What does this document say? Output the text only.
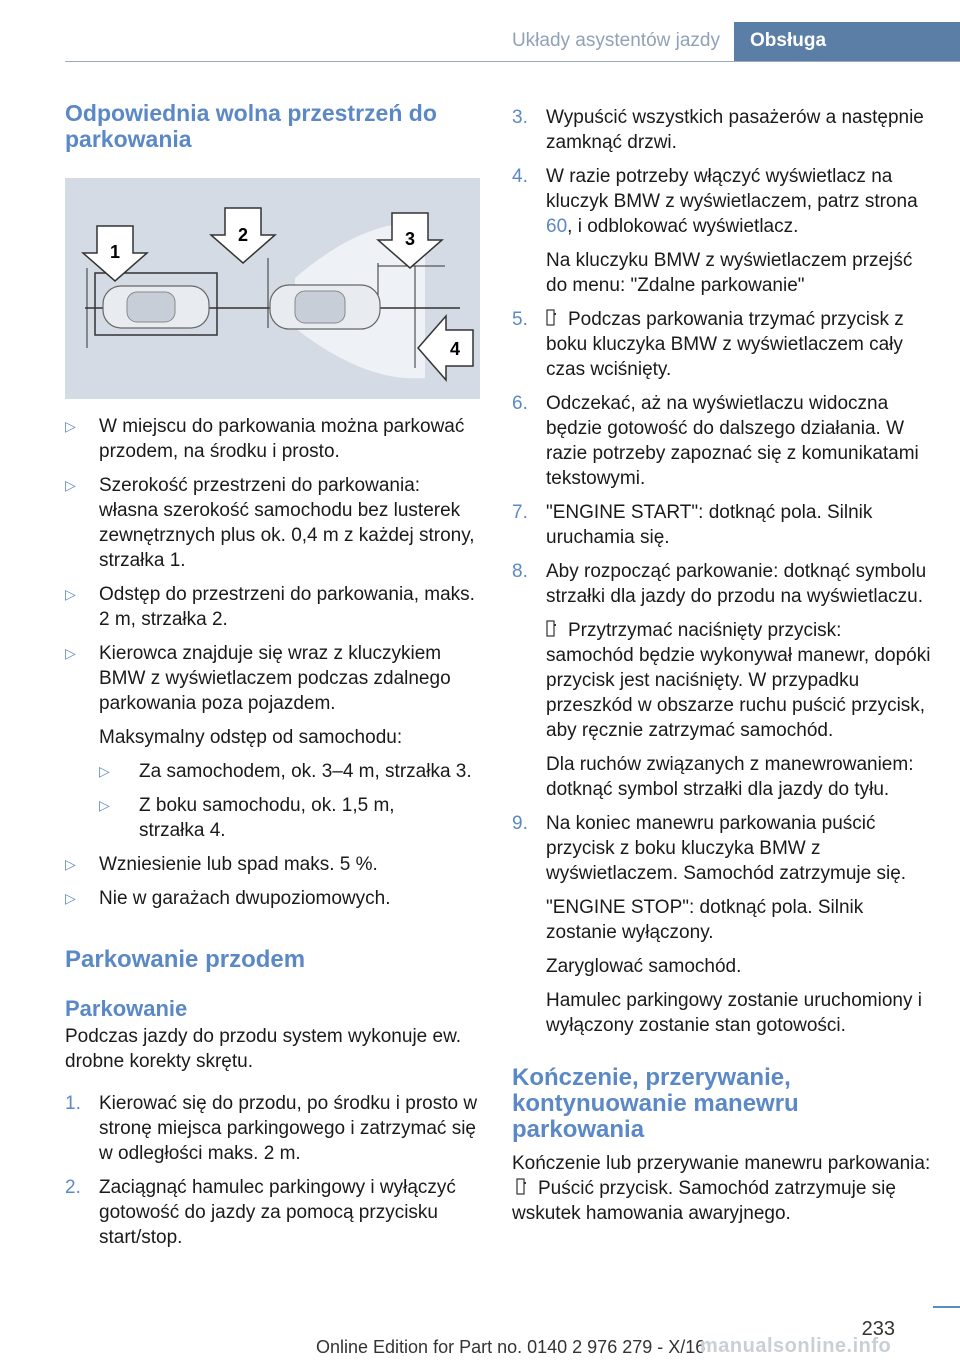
Układy asystentów jazdy	Obsługa
Odpowiednia wolna przestrzeń do parkowania
1
2	3
4
▷ W miejscu do parkowania można parkować przodem, na środku i prosto.
▷ Szerokość przestrzeni do parkowania: własna szerokość samochodu bez lusterek zewnętrznych plus ok. 0,4 m z każdej strony, strzałka 1.
▷ Odstęp do przestrzeni do parkowania, maks. 2 m, strzałka 2.
▷ Kierowca znajduje się wraz z kluczykiem BMW z wyświetlaczem podczas zdalnego parkowania poza pojazdem.
Maksymalny odstęp od samochodu:
▷ Za samochodem, ok. 3–4 m, strzałka 3.
▷ Z boku samochodu, ok. 1,5 m, strzałka 4.
▷ Wzniesienie lub spad maks. 5 %.
▷ Nie w garażach dwupoziomowych.
Parkowanie przodem
Parkowanie

Podczas jazdy do przodu system wykonuje ew. drobne korekty skrętu.

1. Kierować się do przodu, po środku i prosto w stronę miejsca parkingowego i zatrzymać się w odległości maks. 2 m.
2. Zaciągnąć hamulec parkingowy i wyłączyć gotowość do jazdy za pomocą przycisku start/stop.
3. Wypuścić wszystkich pasażerów a następnie zamknąć drzwi.
4. W razie potrzeby włączyć wyświetlacz na kluczyk BMW z wyświetlaczem, patrz strona 60, i odblokować wyświetlacz.
Na kluczyku BMW z wyświetlaczem przejść do menu: "Zdalne parkowanie"
5. Podczas parkowania trzymać przycisk z boku kluczyka BMW z wyświetlaczem cały czas wciśnięty.
6. Odczekać, aż na wyświetlaczu widoczna będzie gotowość do dalszego działania. W razie potrzeby zapoznać się z komunikatami tekstowymi.
7. "ENGINE START": dotknąć pola. Silnik uruchamia się.
8. Aby rozpocząć parkowanie: dotknąć symbolu strzałki dla jazdy do przodu na wyświetlaczu.
Przytrzymać naciśnięty przycisk: samochód będzie wykonywał manewr, dopóki przycisk jest naciśnięty. W przypadku przeszkód w obszarze ruchu puścić przycisk, aby ręcznie zatrzymać samochód.
Dla ruchów związanych z manewrowaniem: dotknąć symbol strzałki dla jazdy do tyłu.
9. Na koniec manewru parkowania puścić przycisk z boku kluczyka BMW z wyświetlaczem. Samochód zatrzymuje się.
"ENGINE STOP": dotknąć pola. Silnik zostanie wyłączony.
Zaryglować samochód.
Hamulec parkingowy zostanie uruchomiony i wyłączony zostanie stan gotowości.
Kończenie, przerywanie, kontynuowanie manewru parkowania

Kończenie lub przerywanie manewru parkowania: Puścić przycisk. Samochód zatrzymuje się wskutek hamowania awaryjnego.

233
Online Edition for Part no. 0140 2 976 279 - X/16
manualsonline.info
